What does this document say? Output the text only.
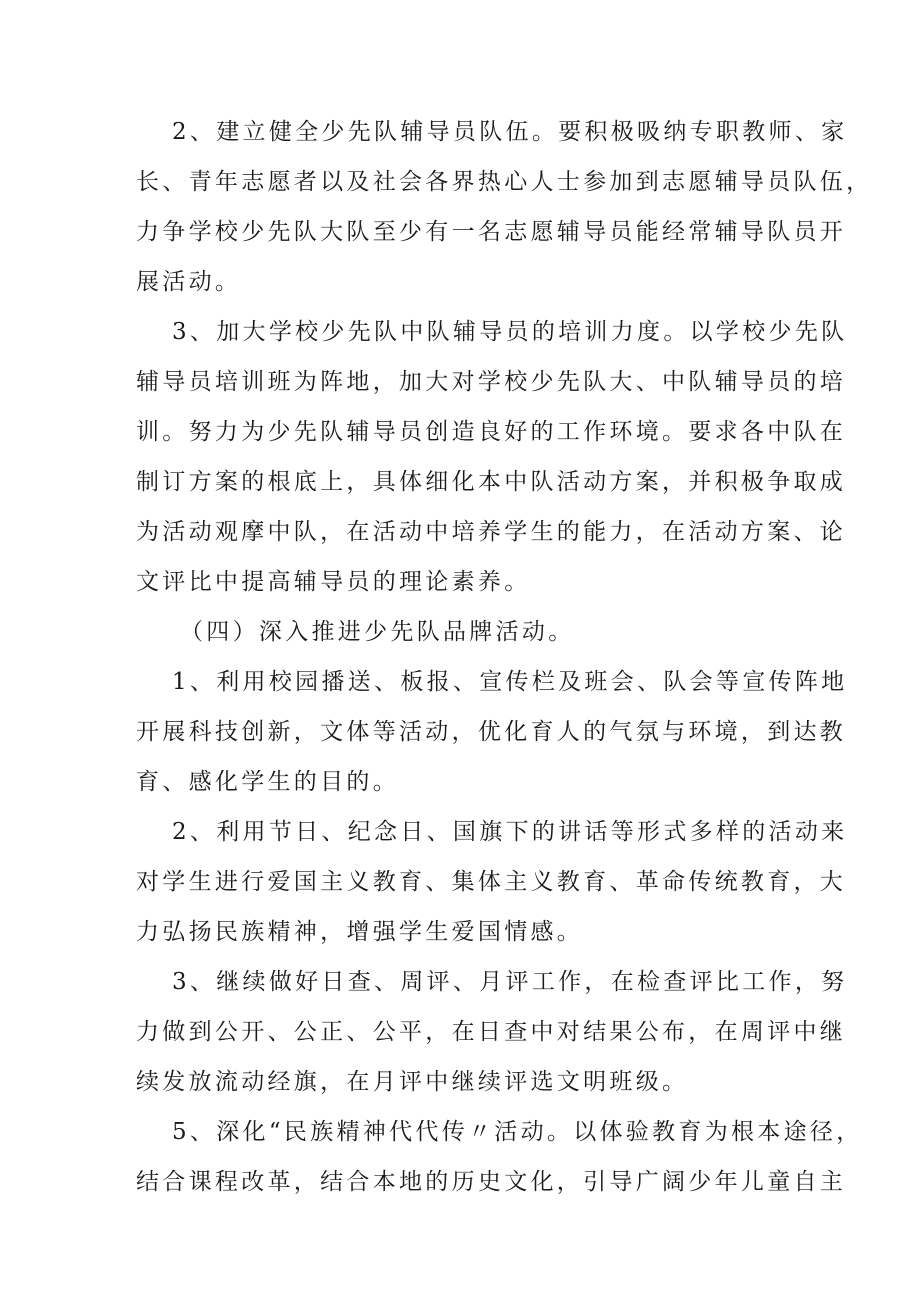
2、建立健全少先队辅导员队伍。要积极吸纳专职教师、家

长、青年志愿者以及社会各界热心人士参加到志愿辅导员队伍，

力争学校少先队大队至少有一名志愿辅导员能经常辅导队员开

展活动。

3、加大学校少先队中队辅导员的培训力度。以学校少先队

辅导员培训班为阵地，加大对学校少先队大、中队辅导员的培

训。努力为少先队辅导员创造良好的工作环境。要求各中队在

制订方案的根底上，具体细化本中队活动方案，并积极争取成

为活动观摩中队，在活动中培养学生的能力，在活动方案、论

文评比中提高辅导员的理论素养。

（四）深入推进少先队品牌活动。

1、利用校园播送、板报、宣传栏及班会、队会等宣传阵地

开展科技创新，文体等活动，优化育人的气氛与环境，到达教

育、感化学生的目的。

2、利用节日、纪念日、国旗下的讲话等形式多样的活动来

对学生进行爱国主义教育、集体主义教育、革命传统教育，大

力弘扬民族精神，增强学生爱国情感。

3、继续做好日查、周评、月评工作，在检查评比工作，努

力做到公开、公正、公平，在日查中对结果公布，在周评中继

续发放流动经旗，在月评中继续评选文明班级。

5、深化“民族精神代代传〃活动。以体验教育为根本途径，

结合课程改革，结合本地的历史文化，引导广阔少年儿童自主
